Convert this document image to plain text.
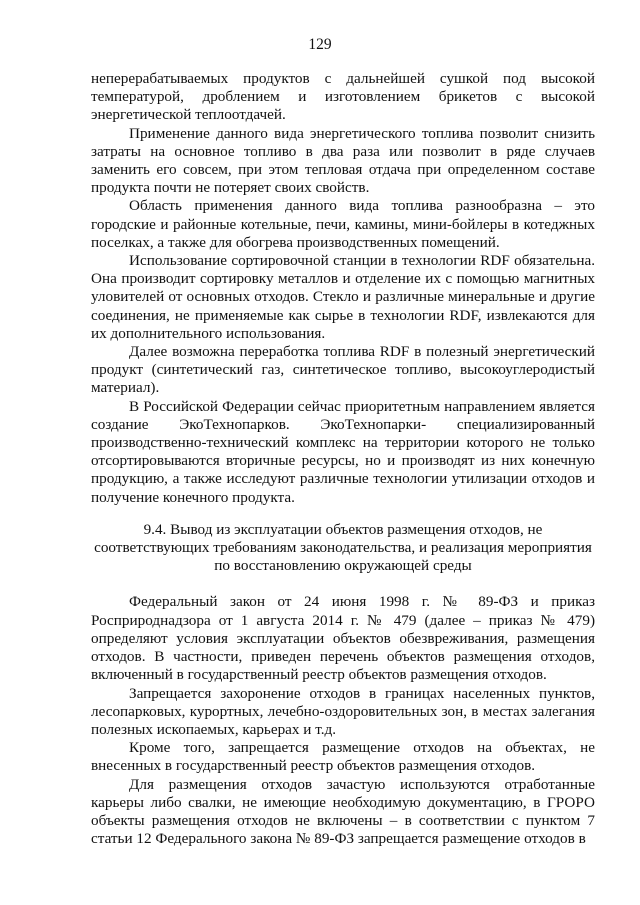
129

неперерабатываемых продуктов с дальнейшей сушкой под высокой температурой, дроблением и изготовлением брикетов с высокой энергетической теплоотдачей.

Применение данного вида энергетического топлива позволит снизить затраты на основное топливо в два раза или позволит в ряде случаев заменить его совсем, при этом тепловая отдача при определенном составе продукта почти не потеряет своих свойств.

Область применения данного вида топлива разнообразна – это городские и районные котельные, печи, камины, мини-бойлеры в котеджных поселках, а также для обогрева производственных помещений.

Использование сортировочной станции в технологии RDF обязательна. Она производит сортировку металлов и отделение их с помощью магнитных уловителей от основных отходов. Стекло и различные минеральные и другие соединения, не применяемые как сырье в технологии RDF, извлекаются для их дополнительного использования.

Далее возможна переработка топлива RDF в полезный энергетический продукт (синтетический газ, синтетическое топливо, высокоуглеродистый материал).

В Российской Федерации сейчас приоритетным направлением является создание ЭкоТехнопарков. ЭкоТехнопарки- специализированный производственно-технический комплекс на территории которого не только отсортировываются вторичные ресурсы, но и производят из них конечную продукцию, а также исследуют различные технологии утилизации отходов и получение конечного продукта.

9.4. Вывод из эксплуатации объектов размещения отходов, не соответствующих требованиям законодательства, и реализация мероприятия по восстановлению окружающей среды

Федеральный закон от 24 июня 1998 г. № 89-ФЗ и приказ Росприроднадзора от 1 августа 2014 г. № 479 (далее – приказ № 479) определяют условия эксплуатации объектов обезвреживания, размещения отходов. В частности, приведен перечень объектов размещения отходов, включенный в государственный реестр объектов размещения отходов.

Запрещается захоронение отходов в границах населенных пунктов, лесопарковых, курортных, лечебно-оздоровительных зон, в местах залегания полезных ископаемых, карьерах и т.д.

Кроме того, запрещается размещение отходов на объектах, не внесенных в государственный реестр объектов размещения отходов.

Для размещения отходов зачастую используются отработанные карьеры либо свалки, не имеющие необходимую документацию, в ГРОРО объекты размещения отходов не включены – в соответствии с пунктом 7 статьи 12 Федерального закона № 89-ФЗ запрещается размещение отходов в
